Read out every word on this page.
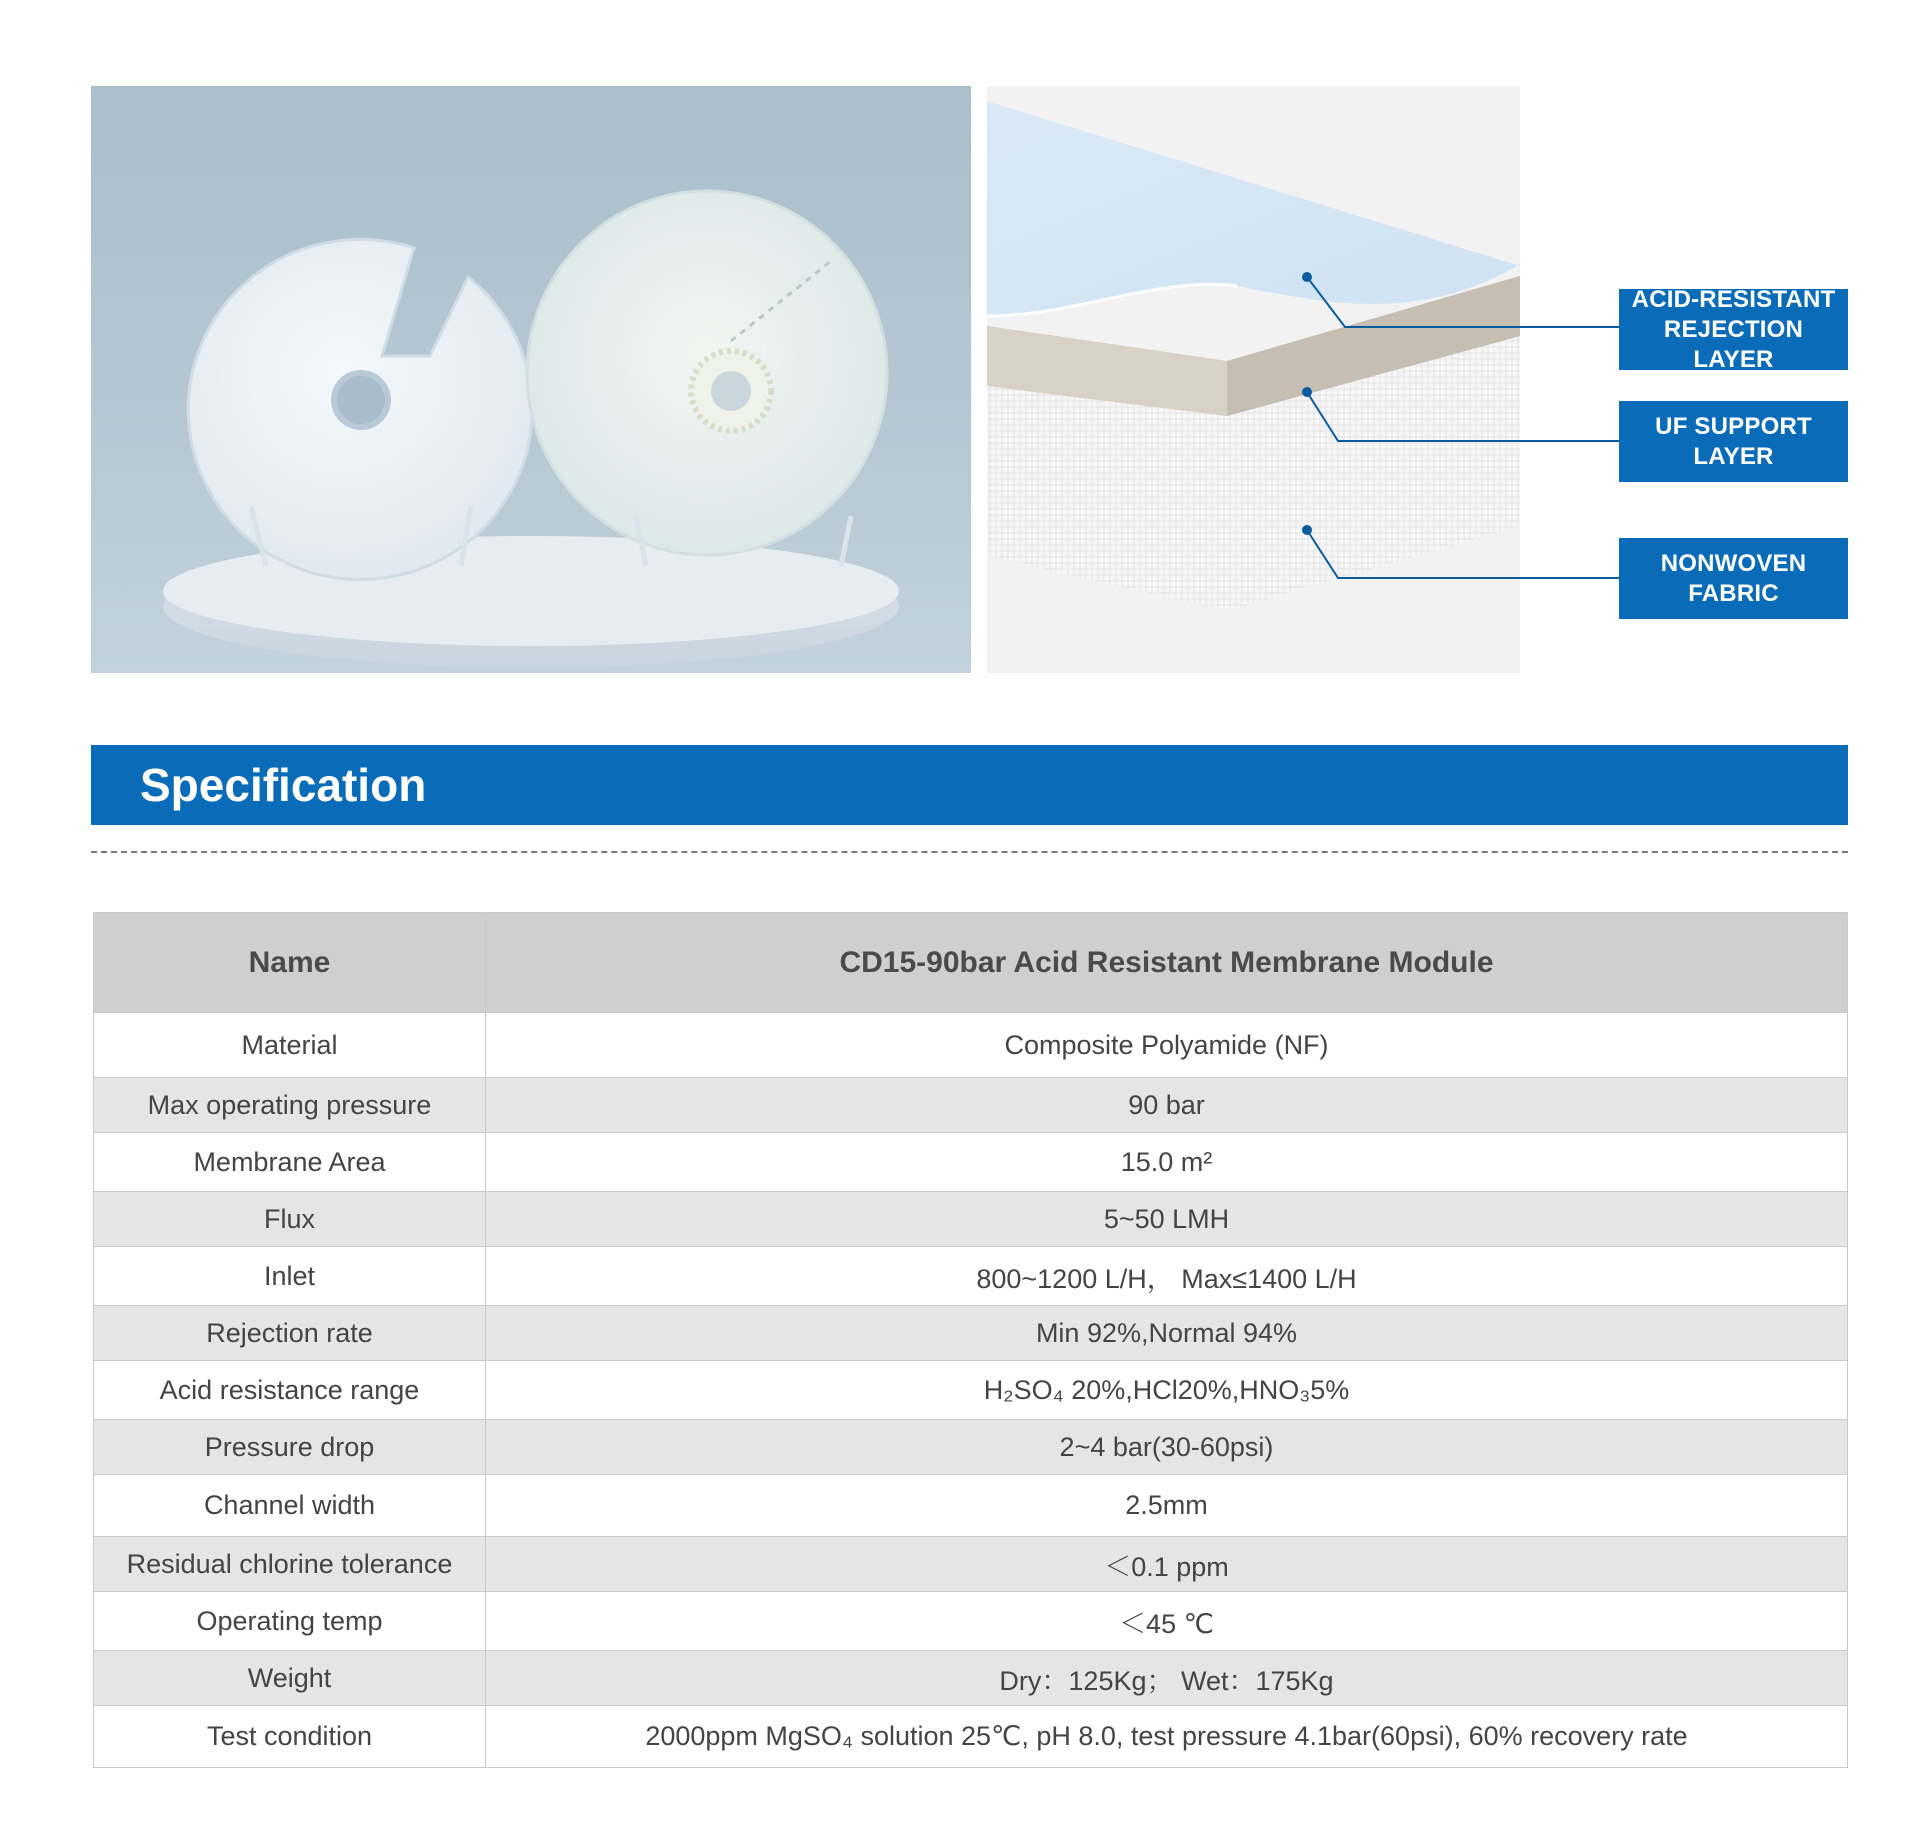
ACID-RESISTANT REJECTION LAYER
UF SUPPORT LAYER
NONWOVEN FABRIC
Specification
Name	CD15-90bar Acid Resistant Membrane Module
Material	Composite Polyamide (NF)
Max operating pressure	90 bar
Membrane Area	15.0 m²
Flux	5~50 LMH
Inlet	800~1200 L/H， Max≤1400 L/H
Rejection rate	Min 92%,Normal 94%
Acid resistance range	H₂SO₄ 20%,HCl20%,HNO₃5%
Pressure drop	2~4 bar(30-60psi)
Channel width	2.5mm
Residual chlorine tolerance	＜0.1 ppm
Operating temp	＜45 ℃
Weight	Dry：125Kg； Wet：175Kg
Test condition	2000ppm MgSO₄ solution 25℃, pH 8.0, test pressure 4.1bar(60psi), 60% recovery rate
